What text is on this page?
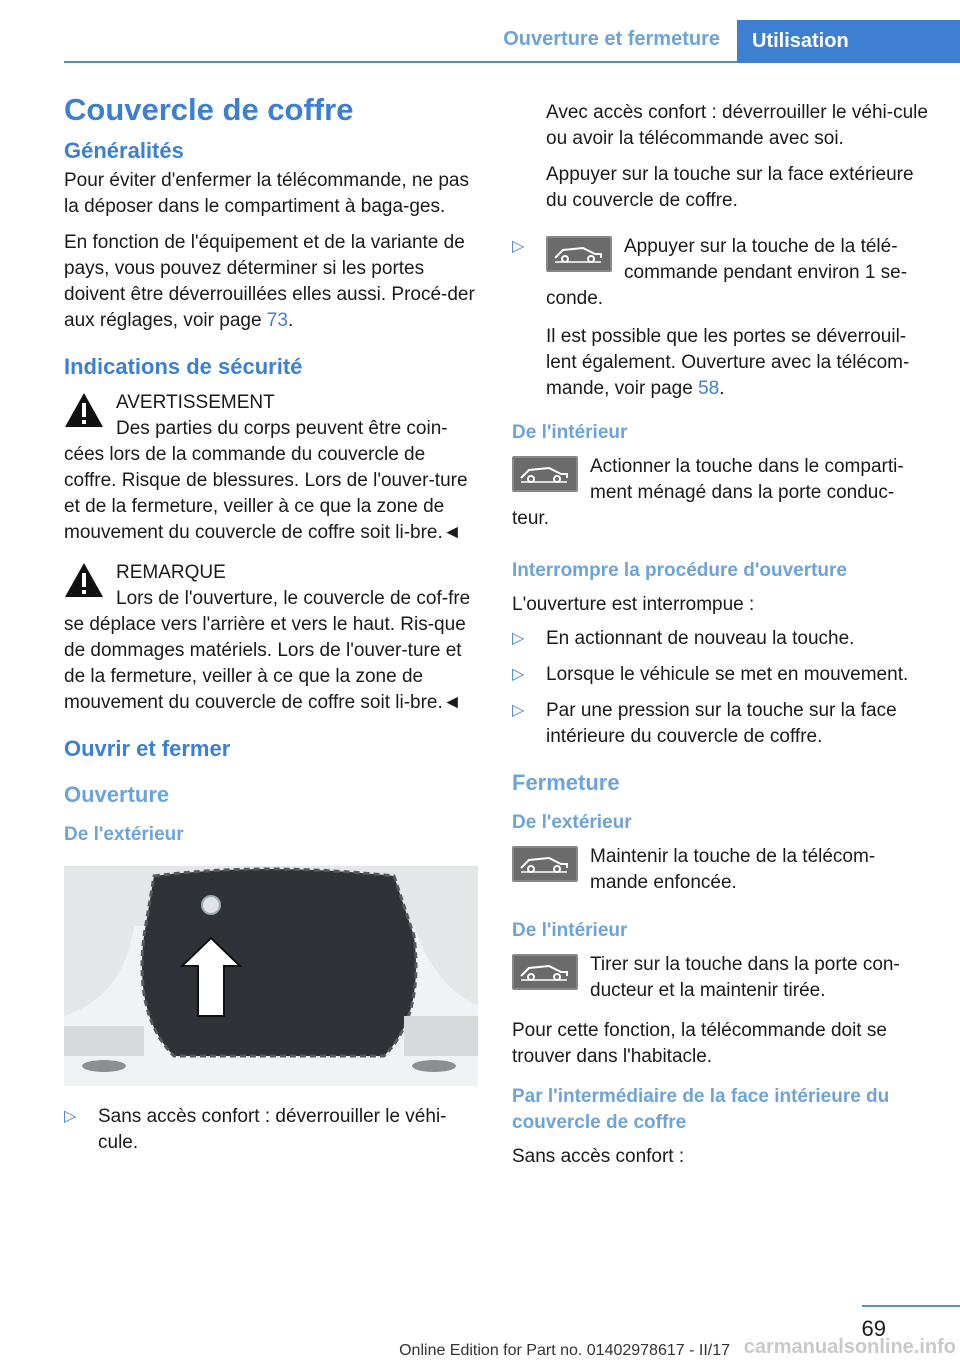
Ouverture et fermeture	Utilisation
Couvercle de coffre
Généralités

Pour éviter d'enfermer la télécommande, ne pas la déposer dans le compartiment à baga-ges.

En fonction de l'équipement et de la variante de pays, vous pouvez déterminer si les portes doivent être déverrouillées elles aussi. Procé-der aux réglages, voir page 73.

Indications de sécurité

AVERTISSEMENT

Des parties du corps peuvent être coin-cées lors de la commande du couvercle de coffre. Risque de blessures. Lors de l'ouver-ture et de la fermeture, veiller à ce que la zone de mouvement du couvercle de coffre soit li-bre.◄

REMARQUE

Lors de l'ouverture, le couvercle de cof-fre se déplace vers l'arrière et vers le haut. Ris-que de dommages matériels. Lors de l'ouver-ture et de la fermeture, veiller à ce que la zone de mouvement du couvercle de coffre soit li-bre.◄

Ouvrir et fermer
Ouverture
De l'extérieur
▷ Sans accès confort : déverrouiller le véhi-cule.
Avec accès confort : déverrouiller le véhi-cule ou avoir la télécommande avec soi.
Appuyer sur la touche sur la face extérieure du couvercle de coffre.
▷	Appuyer sur la touche de la télé-commande pendant environ 1 se-conde.

Il est possible que les portes se déverrouil-lent également. Ouverture avec la télécom-mande, voir page 58.
De l'intérieur

Actionner la touche dans le comparti-ment ménagé dans la porte conduc-teur.

Interrompre la procédure d'ouverture

L'ouverture est interrompue :

▷ En actionnant de nouveau la touche.
▷ Lorsque le véhicule se met en mouvement.
▷ Par une pression sur la touche sur la face intérieure du couvercle de coffre.
Fermeture
De l'extérieur

Maintenir la touche de la télécom-mande enfoncée.

De l'intérieur

Tirer sur la touche dans la porte con-ducteur et la maintenir tirée.

Pour cette fonction, la télécommande doit se trouver dans l'habitacle.

Par l'intermédiaire de la face intérieure du couvercle de coffre

Sans accès confort :

69
Online Edition for Part no. 01402978617 - II/17 carmanualsonline.info
